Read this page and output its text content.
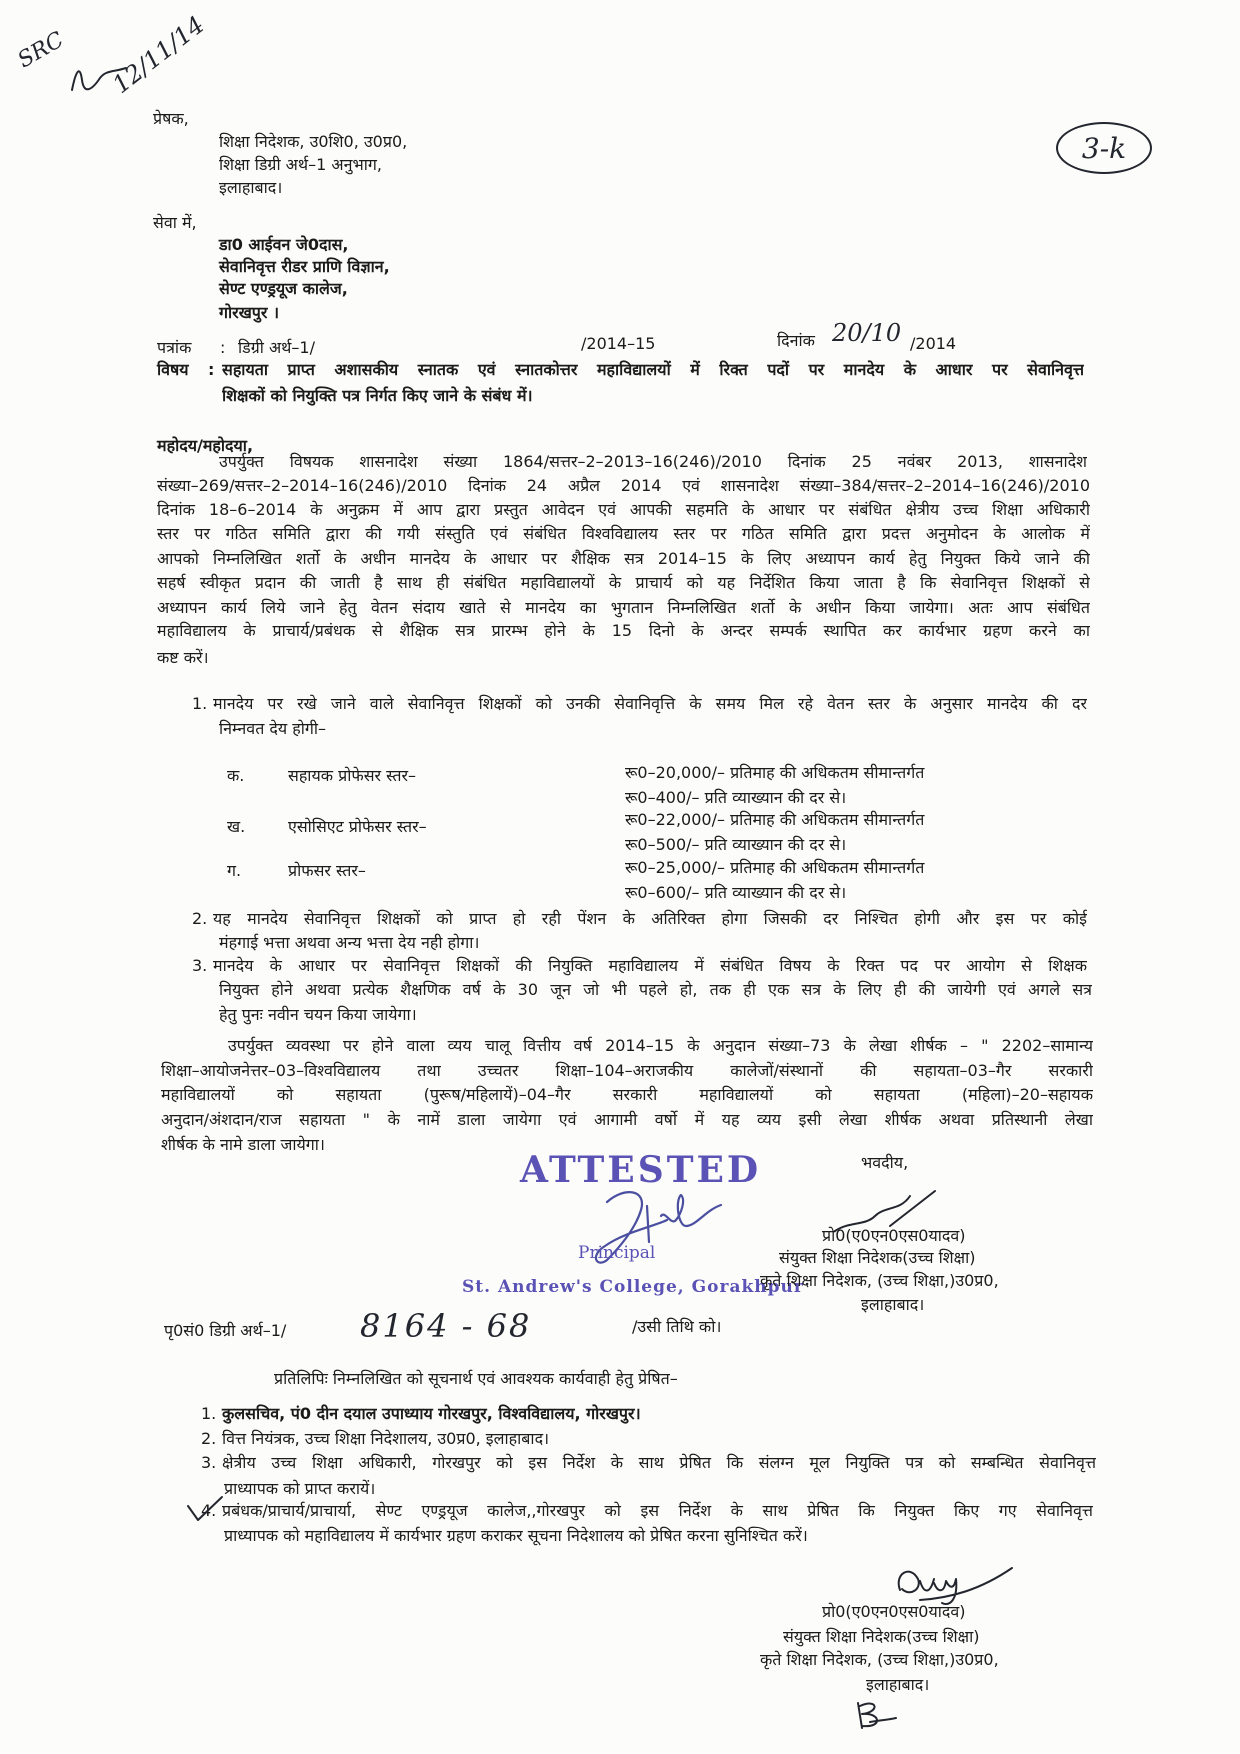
SRC 12/11/14
3-k
प्रेषक,
शिक्षा निदेशक, उ0शि0, उ0प्र0,
शिक्षा डिग्री अर्थ–1 अनुभाग,
इलाहाबाद।
सेवा में,
डा0 आईवन जे0दास,
सेवानिवृत्त रीडर प्राणि विज्ञान,
सेण्ट एण्ड्रयूज कालेज,
गोरखपुर ।
पत्रांक : डिग्री अर्थ–1/	/2014–15	दिनांक 20/10 /2014
विषय : सहायता प्राप्त अशासकीय स्नातक एवं स्नातकोत्तर महाविद्यालयों में रिक्त पदों पर मानदेय के आधार पर सेवानिवृत्त
शिक्षकों को नियुक्ति पत्र निर्गत किए जाने के संबंध में।
महोदय/महोदया,
उपर्युक्त विषयक शासनादेश संख्या 1864/सत्तर–2–2013–16(246)/2010 दिनांक 25 नवंबर 2013, शासनादेश
संख्या–269/सत्तर–2–2014–16(246)/2010 दिनांक 24 अप्रैल 2014 एवं शासनादेश संख्या–384/सत्तर–2–2014–16(246)/2010
दिनांक 18–6–2014 के अनुक्रम में आप द्वारा प्रस्तुत आवेदन एवं आपकी सहमति के आधार पर संबंधित क्षेत्रीय उच्च शिक्षा अधिकारी
स्तर पर गठित समिति द्वारा की गयी संस्तुति एवं संबंधित विश्वविद्यालय स्तर पर गठित समिति द्वारा प्रदत्त अनुमोदन के आलोक में
आपको निम्नलिखित शर्तो के अधीन मानदेय के आधार पर शैक्षिक सत्र 2014–15 के लिए अध्यापन कार्य हेतु नियुक्त किये जाने की
सहर्ष स्वीकृत प्रदान की जाती है साथ ही संबंधित महाविद्यालयों के प्राचार्य को यह निर्देशित किया जाता है कि सेवानिवृत्त शिक्षकों से
अध्यापन कार्य लिये जाने हेतु वेतन संदाय खाते से मानदेय का भुगतान निम्नलिखित शर्तो के अधीन किया जायेगा। अतः आप संबंधित
महाविद्यालय के प्राचार्य/प्रबंधक से शैक्षिक सत्र प्रारम्भ होने के 15 दिनो के अन्दर सम्पर्क स्थापित कर कार्यभार ग्रहण करने का
कष्ट करें।
1. मानदेय पर रखे जाने वाले सेवानिवृत्त शिक्षकों को उनकी सेवानिवृत्ति के समय मिल रहे वेतन स्तर के अनुसार मानदेय की दर
निम्नवत देय होगी–
क.	सहायक प्रोफेसर स्तर–	रू0–20,000/– प्रतिमाह की अधिकतम सीमान्तर्गत
रू0–400/– प्रति व्याख्यान की दर से।
ख.	एसोसिएट प्रोफेसर स्तर–	रू0–22,000/– प्रतिमाह की अधिकतम सीमान्तर्गत
रू0–500/– प्रति व्याख्यान की दर से।
ग.	प्रोफसर स्तर–	रू0–25,000/– प्रतिमाह की अधिकतम सीमान्तर्गत
रू0–600/– प्रति व्याख्यान की दर से।
2. यह मानदेय सेवानिवृत्त शिक्षकों को प्राप्त हो रही पेंशन के अतिरिक्त होगा जिसकी दर निश्चित होगी और इस पर कोई
मंहगाई भत्ता अथवा अन्य भत्ता देय नही होगा।
3. मानदेय के आधार पर सेवानिवृत्त शिक्षकों की नियुक्ति महाविद्यालय में संबंधित विषय के रिक्त पद पर आयोग से शिक्षक
नियुक्त होने अथवा प्रत्येक शैक्षणिक वर्ष के 30 जून जो भी पहले हो, तक ही एक सत्र के लिए ही की जायेगी एवं अगले सत्र
हेतु पुनः नवीन चयन किया जायेगा।
उपर्युक्त व्यवस्था पर होने वाला व्यय चालू वित्तीय वर्ष 2014–15 के अनुदान संख्या–73 के लेखा शीर्षक – " 2202–सामान्य
शिक्षा–आयोजनेत्तर–03–विश्वविद्यालय तथा उच्चतर शिक्षा–104–अराजकीय कालेजों/संस्थानों की सहायता–03–गैर सरकारी
महाविद्यालयों को सहायता (पुरूष/महिलायें)–04–गैर सरकारी महाविद्यालयों को सहायता (महिला)–20–सहायक
अनुदान/अंशदान/राज सहायता " के नामें डाला जायेगा एवं आगामी वर्षो में यह व्यय इसी लेखा शीर्षक अथवा प्रतिस्थानी लेखा
शीर्षक के नामे डाला जायेगा।
भवदीय,
ATTESTED
Principal
St. Andrew's College, Gorakhpur
प्रो0(ए0एन0एस0यादव)
संयुक्त शिक्षा निदेशक(उच्च शिक्षा)
कृते शिक्षा निदेशक, (उच्च शिक्षा,)उ0प्र0,
इलाहाबाद।
पृ0सं0 डिग्री अर्थ–1/ 8164 - 68	/उसी तिथि को।
प्रतिलिपिः निम्नलिखित को सूचनार्थ एवं आवश्यक कार्यवाही हेतु प्रेषित–
1. कुलसचिव, पं0 दीन दयाल उपाध्याय गोरखपुर, विश्वविद्यालय, गोरखपुर।
2. वित्त नियंत्रक, उच्च शिक्षा निदेशालय, उ0प्र0, इलाहाबाद।
3. क्षेत्रीय उच्च शिक्षा अधिकारी, गोरखपुर को इस निर्देश के साथ प्रेषित कि संलग्न मूल नियुक्ति पत्र को सम्बन्धित सेवानिवृत्त
प्राध्यापक को प्राप्त करायें।
4. प्रबंधक/प्राचार्य/प्राचार्या, सेण्ट एण्ड्रयूज कालेज,,गोरखपुर को इस निर्देश के साथ प्रेषित कि नियुक्त किए गए सेवानिवृत्त
प्राध्यापक को महाविद्यालय में कार्यभार ग्रहण कराकर सूचना निदेशालय को प्रेषित करना सुनिश्चित करें।
प्रो0(ए0एन0एस0यादव)
संयुक्त शिक्षा निदेशक(उच्च शिक्षा)
कृते शिक्षा निदेशक, (उच्च शिक्षा,)उ0प्र0,
इलाहाबाद।
